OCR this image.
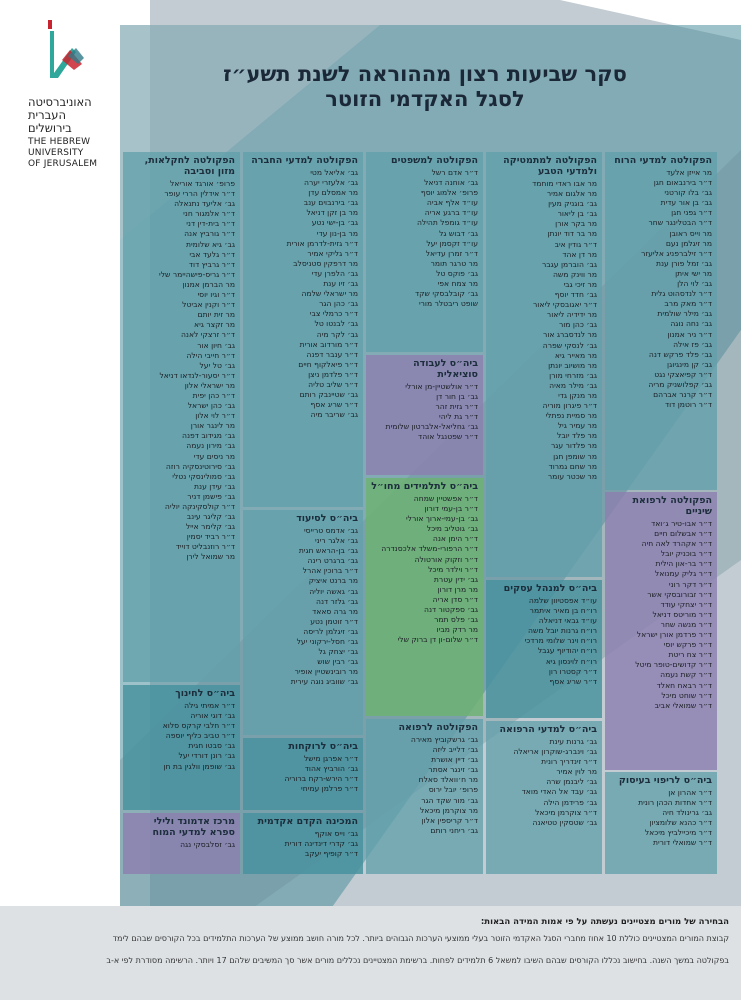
האוניברסיטה
העברית
בירושלים
THE HEBREW
UNIVERSITY
OF JERUSALEM
סקר שביעות רצון מההוראה לשנת תשע״ז
לסגל האקדמי הזוטר
הפקולטה למדעי הרוח
מר אייזן אלעד
ד״ר בירנבאום חגן
גב׳ בלו קורטני
גב׳ בן אור עדית
ד״ר גפני חגן
ד״ר הבטלינגר שחר
מר וייס ראובן
מר זיגלמן נעם
ד״ר זילברפניג אליעזר
גב׳ זמל פורן ענת
מר ישי איתן
גב׳ לוי הלן
ד״ר לנדסהוט גלית
ד״ר מאק מרב
גב׳ מילר שולמית
גב׳ נחה נוגה
ד״ר ניר אמנון
גב׳ פז אילה
גב׳ פלד פרקש דנה
גב׳ קן מינגיוגן
ד״ר קפיאצקי נגט
גב׳ קפלושניק מריה
ד״ר קרנר אברהם
ד״ר רוטמן דוד
הפקולטה לרפואת שיניים
ד״ר אבו-טיר ג׳ואד
ד״ר אבשלום חיים
ד״ר אקהרד לאה חיה
ד״ר בוכניק יובל
ד״ר בר-און הילית
ד״ר גליק עמנואל
ד״ר דקר רוני
ד״ר זבורובסקי אשר
ד״ר יצחקי עודד
ד״ר מוריטס דניאל
ד״ר מנשה שחר
ד״ר פרדמן אורן ישראל
ד״ר פרקש יוסי
ד״ר צח ריטת
ד״ר קדושים-טופר מיטל
ד״ר קשת נעמה
ד״ר רבאח חאלד
ד״ר שוחט מיכל
ד״ר שמואלי אביב
ביה״ס לריפוי בעיסוק
ד״ר אהרון אן
ד״ר אחדות הכהן רונית
גב׳ גרינולד חיה
ד״ר כהנא שלומציון
ד״ר מיכיילביץ מיכאל
ד״ר שמואלי דורית
הפקולטה למתמטיקה ולמדעי הטבע
מר אבו ראדי מוחמד
מר אלגום אמיר
גב׳ בוגניק מעין
גב׳ בן ליאור
מר בקר אורן
מר בר דוד יונתן
ד״ר גודין איב
מר דן אהד
גב׳ הוברמן עגבר
מר ווינק משה
מר זיכי גבי
גב׳ חדד יוסף
ד״ר יאגובסקי ליאור
מר ידידיה ליאור
גב׳ כהן מור
מר לנדסברג אור
גב׳ לנסקי שפרה
מר מאייר גיא
מר מושיוב יונתן
גב׳ מזרחי מורן
גב׳ מילר מאיה
מר מנקן גדי
ד״ר פיגרון מוריה
מר סמיית נפתלי
מר עמיר גיל
מר פלד יובל
מר פלדור עגר
מר שומפן חגן
מר שחם גמרוד
מר שכטר עומר
ביה״ס למנהל עסקים
עו״ד אפסטיוון שלמה
רו״ח בן מאיר איתמר
עו״ד גבאי דניאלה
רו״ח גרנות יובל משה
רו״ח וינר שלומי מרדכי
רו״ח יהודיוף עגבל
רו״ח לוינסון גיא
ד״ר קסטרו רון
ד״ר שריג אסף
ביה״ס למדעי הרפואה
גב׳ גרנות עינת
גב׳ וינברג-שוקרון אריאלה
ד״ר זינדריך רונית
מר לוין אמיר
גב׳ ליבנמן שרה
גב׳ עבד אל האדי מואד
גב׳ פרידמן הילה
ד״ר צוקרמן מיכאל
גב׳ שטסקין טטיאנה
הפקולטה למשפטים
ד״ר אדם רשל
גב׳ אוחנה דניאל
פרופ׳ אלמוג יוסף
עו״ד אלף אביה
עו״ד ברגע אריה
עו״ד גומפל תהילה
גב׳ דבוש גל
עו״ד זקסמן יעל
ד״ר זמרן עדיאל
מר טרגר תומר
גב׳ פוקס טל
מר צמח אפי
גב׳ קובלבסקי שקד
שופט ריבטלר מורי
ביה״ס לעבודה סוציאלית
ד״ר אולשטיין-מן אורלי
גב׳ בן חור דן
ד״ר גזית זהר
ד״ר גת ליהי
גב׳ גחליאל-אלברטון שלומית
ד״ר שפטנגל אוהד
ביה״ס לתלמידים מחו״ל
ד״ר אפשטיין שמחה
ד״ר בן-עמי דורון
גב׳ בן-עמי-ארוך אורלי
גב׳ גוטליב מיכל
ד״ר הימן אנה
ד״ר הרפורי-משלד אלכסנדרה
ד״ר וזקוק אורטולה
ד״ר וילדר מיכל
גב׳ ידין עטרת
מר מרן דורון
ד״ר סדן אריה
גב׳ ספקטור דנה
גב׳ פלס תמר
מר רדק מביו
ד״ר שלום-ון דן ברוק שלי
הפקולטה לרפואה
גב׳ גרשקוביץ מאירה
גב׳ דלייב ליזה
גב׳ דיין אושרת
גב׳ זינגר אסתר
מר ח׳וואלד סאלח
פרופ׳ יובל ירוס
גב׳ מור שקד הגר
מר צוקרמן מיכאל
ד״ר קריספין אלון
גב׳ ריחני רותם
הפקולטה למדעי החברה
גב׳ אליאל מטי
גב׳ אלעזרי יערה
מר אמסלם עדן
גב׳ בירנבוים ענב
מר בן זקן דניאל
גב׳ בן-ישי נטע
מר בן-נון עדי
ד״ר גזית-לדרמן אורית
ד״ר גליקי אמיר
מר דרפקין סטניסלב
גב׳ הלפרן עדי
גב׳ זיו ענת
מר ישראלי שלמה
גב׳ כהן הגר
ד״ר כרמלי צבי
גב׳ לבנטו טל
גב׳ לקר מיה
ד״ר מורדוב אורית
ד״ר ענבר דפנה
ד״ר פיאלקוף חיים
ד״ר פלדמן ניצן
ד״ר שליב טליה
גב׳ שטיינבק רותם
ד״ר שריג אסף
גב׳ שריבר מיה
ביה״ס לסיעוד
גב׳ אדמס טרייסי
גב׳ אלגר ריני
גב׳ בן-הראש חגית
גב׳ ברגרט רינה
ד״ר ברוכין אהרל
מר ברנט איציק
גב׳ גאשה יוליה
גב׳ גלזר דנה
מר גרה סאאד
ד״ר זוטמן נטע
גב׳ זיגלמן לריסה
גב׳ חסל-ירקוני יעל
גב׳ יצחק גל
גב׳ רבין שוש
מר רובינשטיין אופיר
גב׳ שווביג נוגה עירית
ביה״ס לרוקחות
ד״ר אפרגן מישל
גב׳ הורביץ אהוד
ד״ר הירש-רקח ברוריה
ד״ר פרלמן עמיחי
המכינה הקדם אקדמית
גב׳ וייס אוקף
גב׳ קדרי דינדינה דורית
ד״ר קופיף יעקב
הפקולטה לחקלאות, מזון וסביבה
פרופ׳ אורגד אוריאל
ד״ר אידלין הררי עופר
גב׳ אליעד נתנאלה
ד״ר אלמגור חני
ד״ר בית-דין דני
ד״ר גורביץ אנה
גב׳ גיא שלומית
ד״ר גלעד אבי
ד״ר גרביץ דוד
ד״ר גריס-פישהיימר שלי
מר הברמן אמנון
ד״ר וגיו יוסי
ד״ר וקנין אביטל
מר זית יותם
מר זקצר גיא
ד״ר זרצקי לאנה
גב׳ חיון אור
ד״ר חייבי הילה
גב׳ טל יעל
ד״ר יסעור-לנדאו דניאל
מר ישראלי אלון
ד״ר כהן יפית
גב׳ כהן ישראל
ד״ר לוי אלון
מר לינגר אורן
גב׳ מגידוב דפנה
גב׳ מירון נעמה
מר ניסים עדי
גב׳ סירוטינסקיה רוזה
גב׳ סמולינסקי נטלי
גב׳ עידן ענת
גב׳ פישמן דניר
ד״ר קולסקינקה יוליה
גב׳ קליגר עינב
גב׳ קלימר אייל
ד״ר רביד יסמין
ד״ר רוזנבליט דוייד
מר שמואל לירן
ביה״ס לחינוך
ד״ר אמיתי גילה
גב׳ דוגי אוריה
ד״ר חלבי קרקס סלוא
ד״ר טביב כליף יוספה
גב׳ סבטו חגית
גב׳ רונן דורדי יעל
גב׳ שופמן וולגין בת חן
מרכז אדמונד ולילי ספרא למדעי המוח
גב׳ זסלבסקי נגה
הבחירה של מורים מצטיינים נעשתה על פי אמות המידה הבאות:
קבוצת המורים המצטיינים כוללת 10 אחוז מחברי הסגל האקדמי הזוטר בעלי ממוצעי הערכות הגבוהים ביותר. לכל מורה חושב ממוצע של הערכות התלמידים בכל הקורסים שבהם לימד
בפקולטה במשך השנה. בחישוב נכללו הקורסים שבהם השיבו למשאל 6 תלמידים לפחות. ברשימת המצטיינים נכללים מורים אשר סך המשיבים שלהם 17 ויותר. הרשימה מסודרת לפי א-ב
